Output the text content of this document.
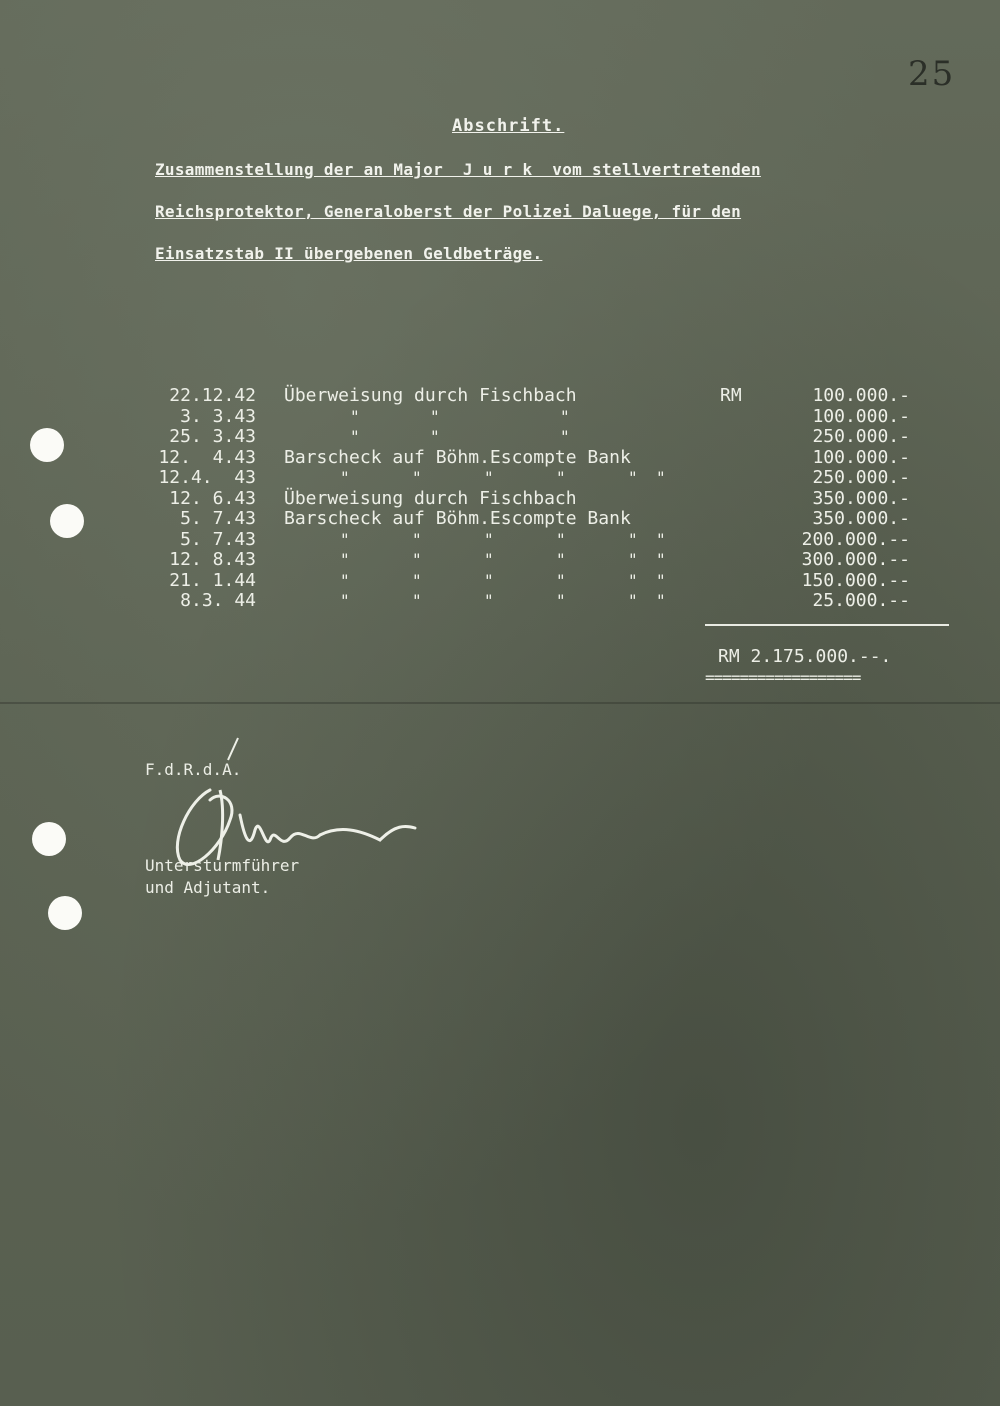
25
Abschrift.
Zusammenstellung der an Major  J u r k  vom stellvertretenden
Reichsprotektor, Generaloberst der Polizei Daluege, für den
Einsatzstab II übergebenen Geldbeträge.
22.12.42 Überweisung durch Fischbach	RM	100.000.-
3. 3.43	"	"	"	100.000.-
25. 3.43	"	"	"	250.000.-
12.  4.43 Barscheck auf Böhm.Escompte Bank	100.000.-
12.4.  43	"	"	"	"	" "	250.000.-
12. 6.43 Überweisung durch Fischbach	350.000.-
5. 7.43 Barscheck auf Böhm.Escompte Bank	350.000.-
5. 7.43	"	"	"	"	" "	200.000.--
12. 8.43	"	"	"	"	" "	300.000.--
21. 1.44	"	"	"	"	" "	150.000.--
8.3. 44	"	"	"	"	" "	25.000.--
RM 2.175.000.--.
==================
F.d.R.d.A.
Untersturmführer
und Adjutant.
